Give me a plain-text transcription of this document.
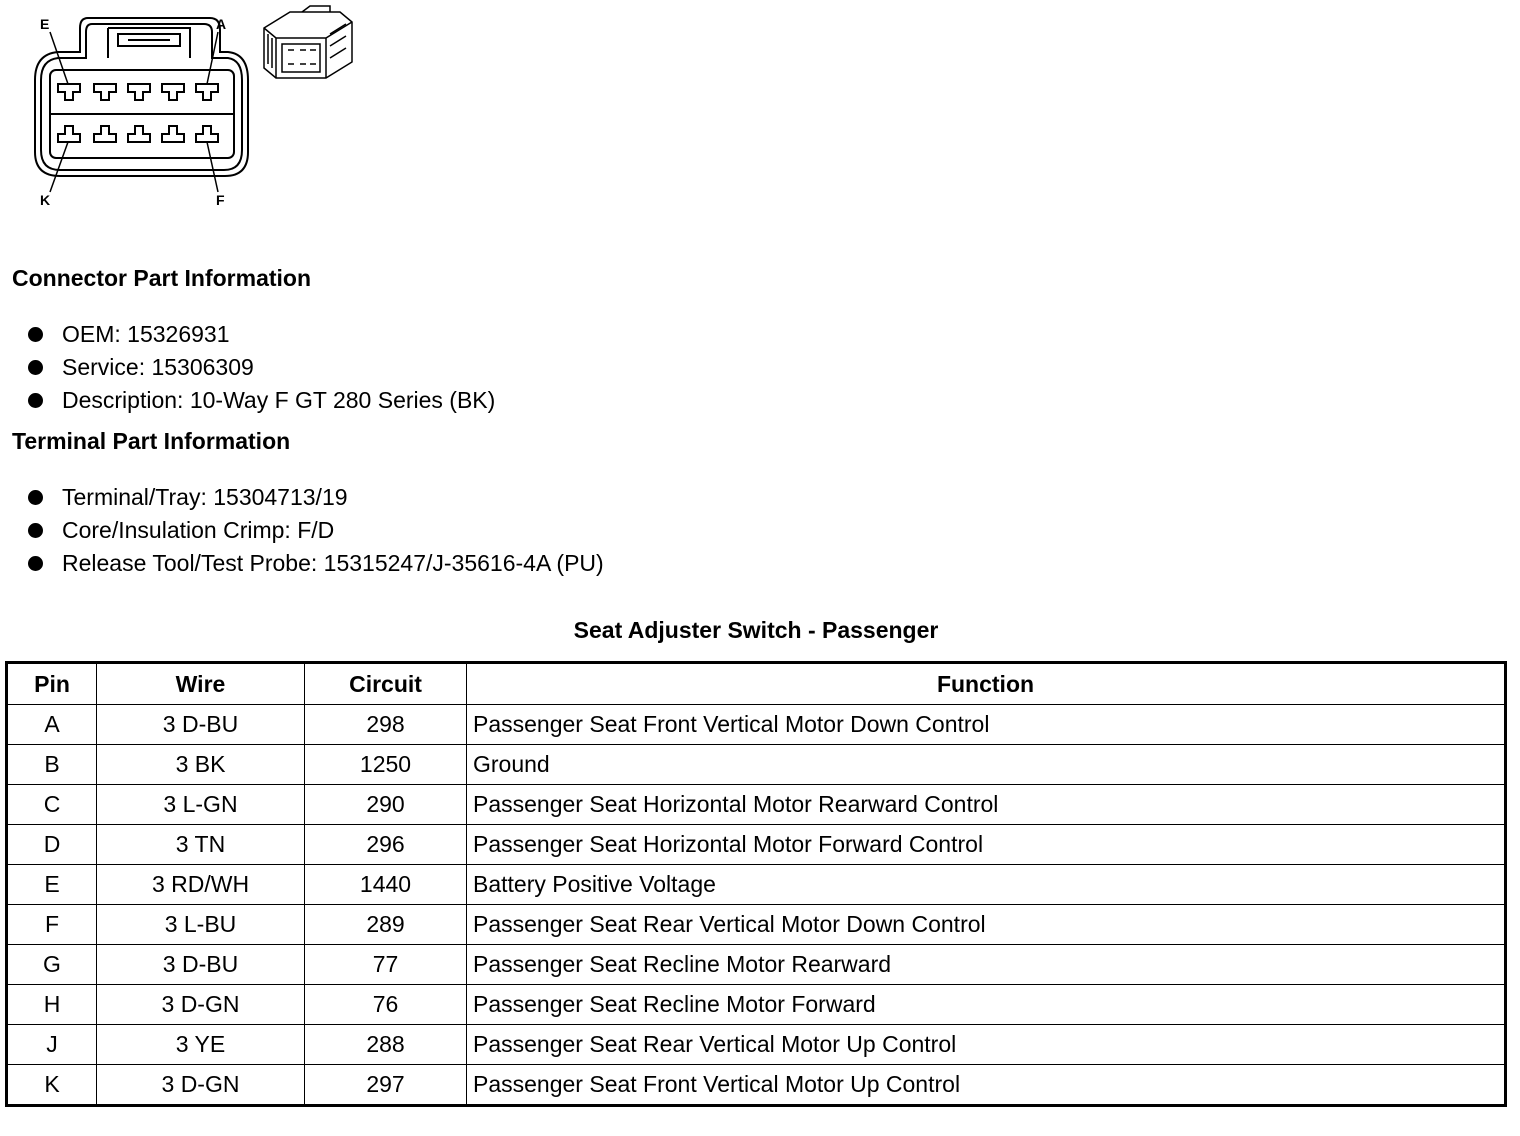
E	A
K	F
Connector Part Information
OEM: 15326931
Service: 15306309
Description: 10-Way F GT 280 Series (BK)
Terminal Part Information
Terminal/Tray: 15304713/19
Core/Insulation Crimp: F/D
Release Tool/Test Probe: 15315247/J-35616-4A (PU)
Seat Adjuster Switch - Passenger
Pin	Wire	Circuit	Function
A	3 D-BU	298	Passenger Seat Front Vertical Motor Down Control
B	3 BK	1250	Ground
C	3 L-GN	290	Passenger Seat Horizontal Motor Rearward Control
D	3 TN	296	Passenger Seat Horizontal Motor Forward Control
E	3 RD/WH	1440	Battery Positive Voltage
F	3 L-BU	289	Passenger Seat Rear Vertical Motor Down Control
G	3 D-BU	77	Passenger Seat Recline Motor Rearward
H	3 D-GN	76	Passenger Seat Recline Motor Forward
J	3 YE	288	Passenger Seat Rear Vertical Motor Up Control
K	3 D-GN	297	Passenger Seat Front Vertical Motor Up Control
